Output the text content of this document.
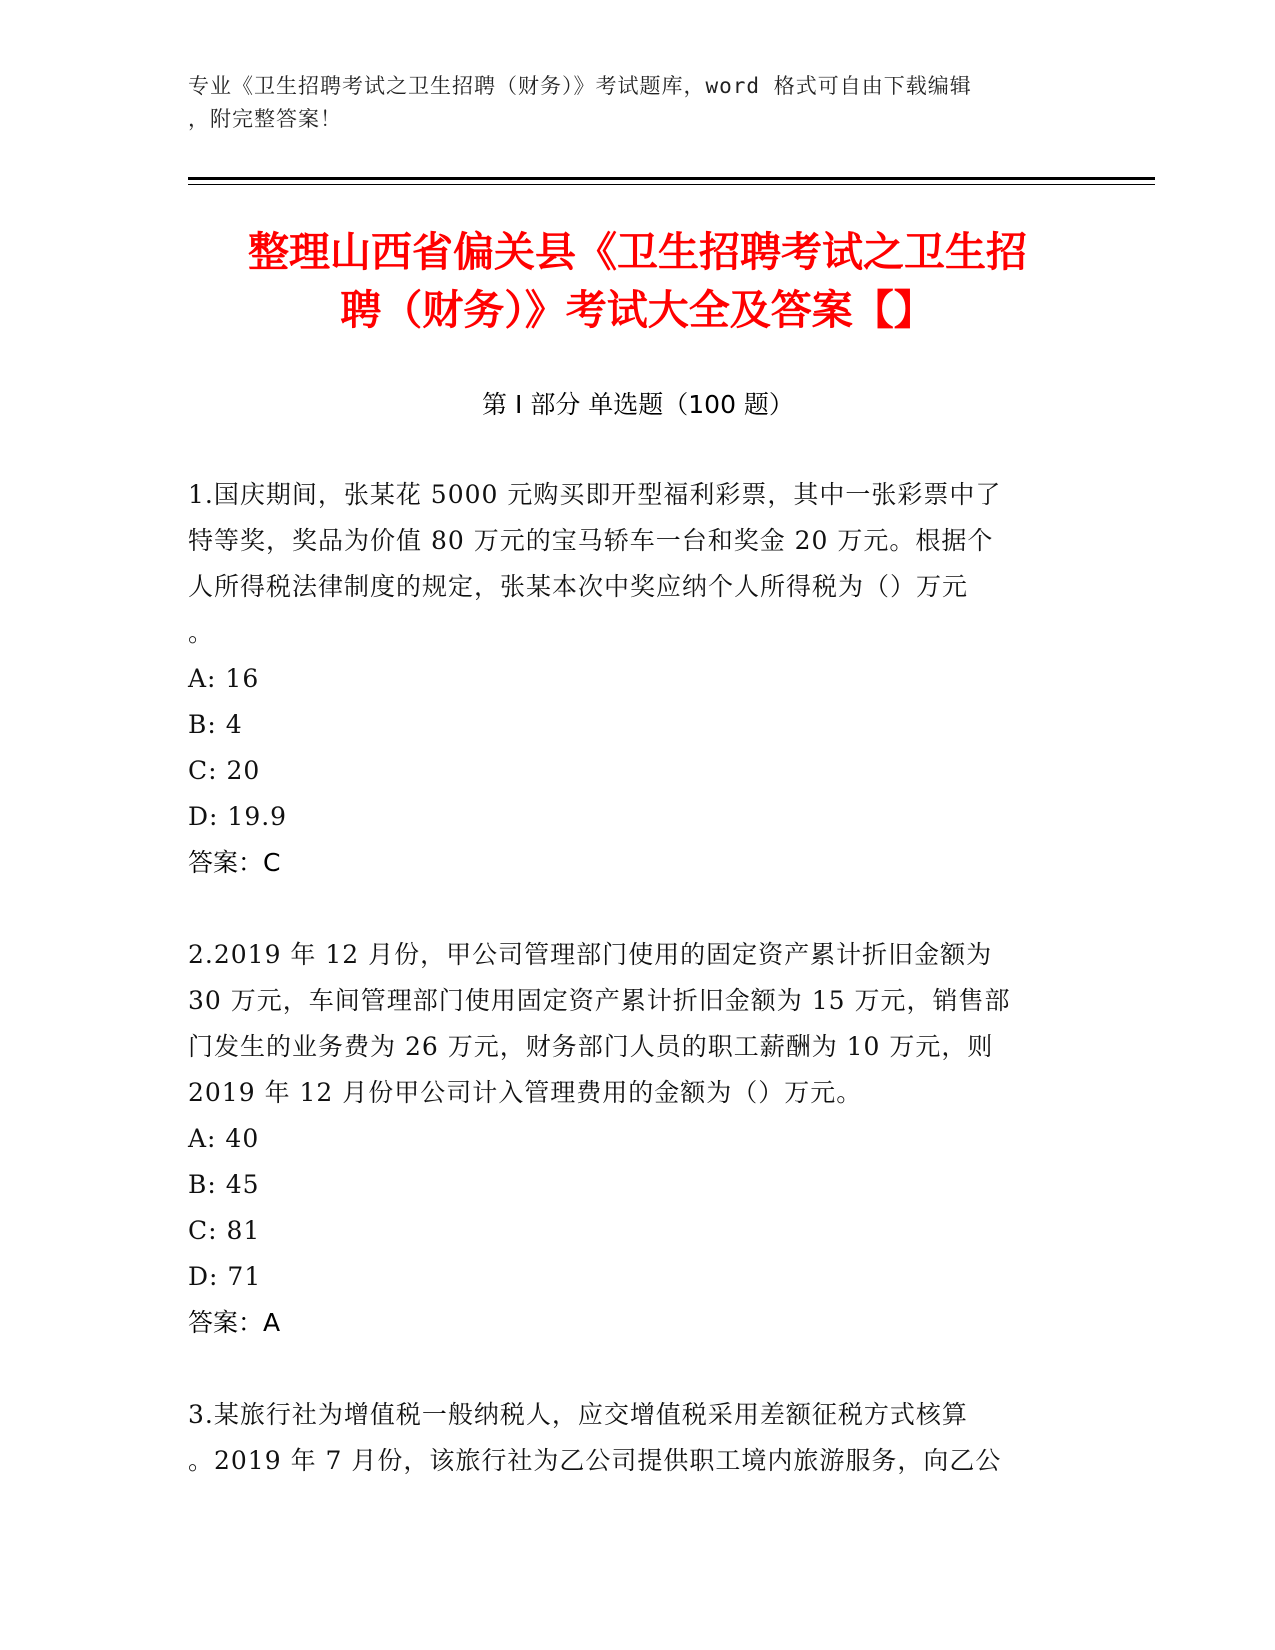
专业《卫生招聘考试之卫生招聘（财务）》考试题库，word 格式可自由下载编辑
，附完整答案！
整理山西省偏关县《卫生招聘考试之卫生招
聘（财务）》考试大全及答案【】
第 I 部分 单选题（100 题）
1.国庆期间，张某花 5000 元购买即开型福利彩票，其中一张彩票中了
特等奖，奖品为价值 80 万元的宝马轿车一台和奖金 20 万元。根据个
人所得税法律制度的规定，张某本次中奖应纳个人所得税为（）万元
。
A: 16
B: 4
C: 20
D: 19.9
答案：C
2.2019 年 12 月份，甲公司管理部门使用的固定资产累计折旧金额为
30 万元，车间管理部门使用固定资产累计折旧金额为 15 万元，销售部
门发生的业务费为 26 万元，财务部门人员的职工薪酬为 10 万元，则
2019 年 12 月份甲公司计入管理费用的金额为（）万元。
A: 40
B: 45
C: 81
D: 71
答案：A
3.某旅行社为增值税一般纳税人，应交增值税采用差额征税方式核算
。2019 年 7 月份，该旅行社为乙公司提供职工境内旅游服务，向乙公
